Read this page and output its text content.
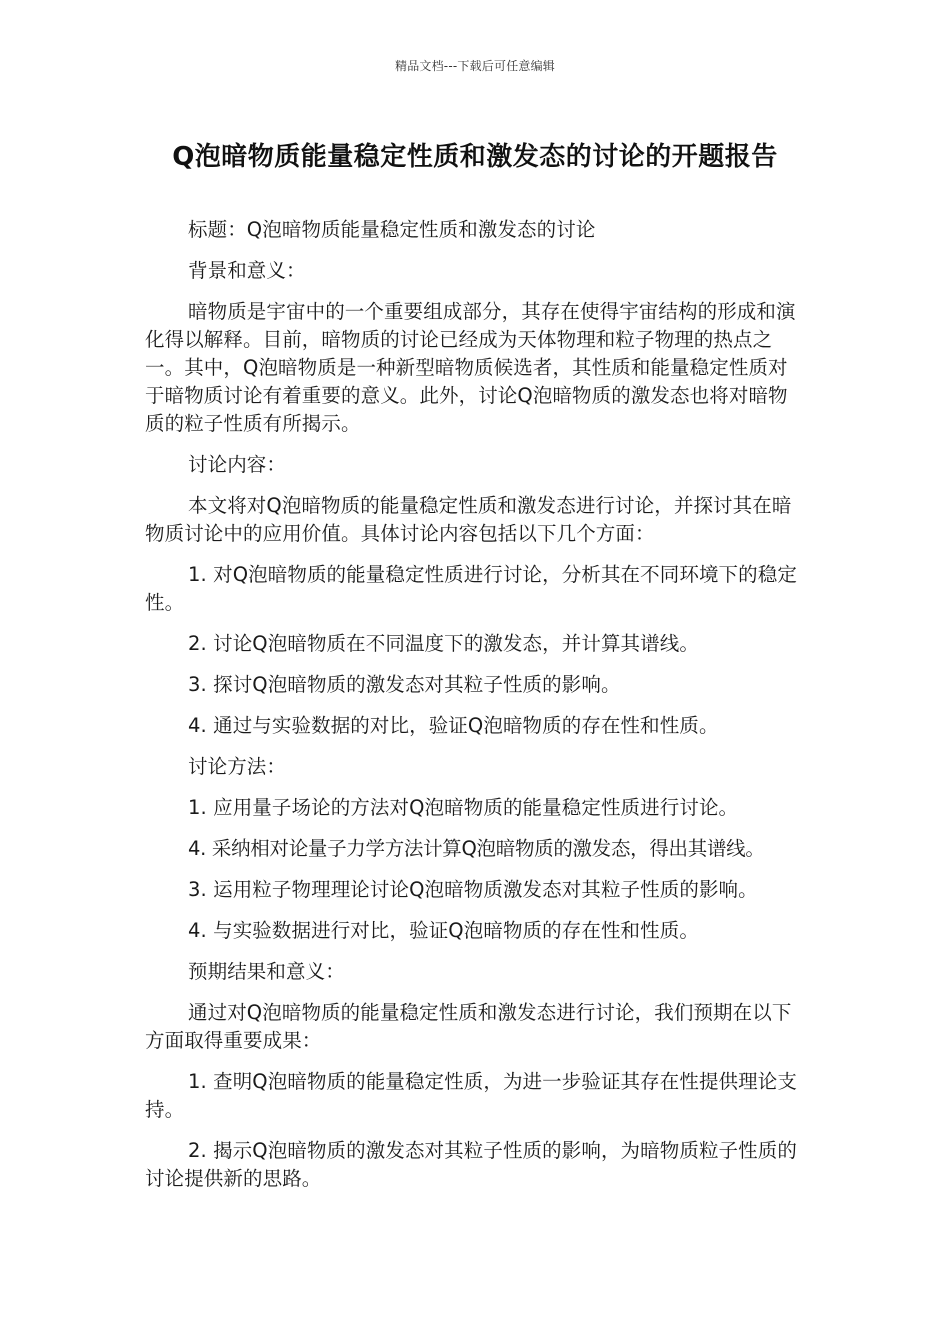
精品文档---下载后可任意编辑
Q泡暗物质能量稳定性质和激发态的讨论的开题报告

标题：Q泡暗物质能量稳定性质和激发态的讨论

背景和意义：

暗物质是宇宙中的一个重要组成部分，其存在使得宇宙结构的形成和演化得以解释。目前，暗物质的讨论已经成为天体物理和粒子物理的热点之一。其中，Q泡暗物质是一种新型暗物质候选者，其性质和能量稳定性质对于暗物质讨论有着重要的意义。此外，讨论Q泡暗物质的激发态也将对暗物质的粒子性质有所揭示。

讨论内容：

本文将对Q泡暗物质的能量稳定性质和激发态进行讨论，并探讨其在暗物质讨论中的应用价值。具体讨论内容包括以下几个方面：

1. 对Q泡暗物质的能量稳定性质进行讨论，分析其在不同环境下的稳定性。

2. 讨论Q泡暗物质在不同温度下的激发态，并计算其谱线。

3. 探讨Q泡暗物质的激发态对其粒子性质的影响。

4. 通过与实验数据的对比，验证Q泡暗物质的存在性和性质。

讨论方法：

1. 应用量子场论的方法对Q泡暗物质的能量稳定性质进行讨论。

4. 采纳相对论量子力学方法计算Q泡暗物质的激发态，得出其谱线。

3. 运用粒子物理理论讨论Q泡暗物质激发态对其粒子性质的影响。

4. 与实验数据进行对比，验证Q泡暗物质的存在性和性质。

预期结果和意义：

通过对Q泡暗物质的能量稳定性质和激发态进行讨论，我们预期在以下方面取得重要成果：

1. 查明Q泡暗物质的能量稳定性质，为进一步验证其存在性提供理论支持。

2. 揭示Q泡暗物质的激发态对其粒子性质的影响，为暗物质粒子性质的讨论提供新的思路。
